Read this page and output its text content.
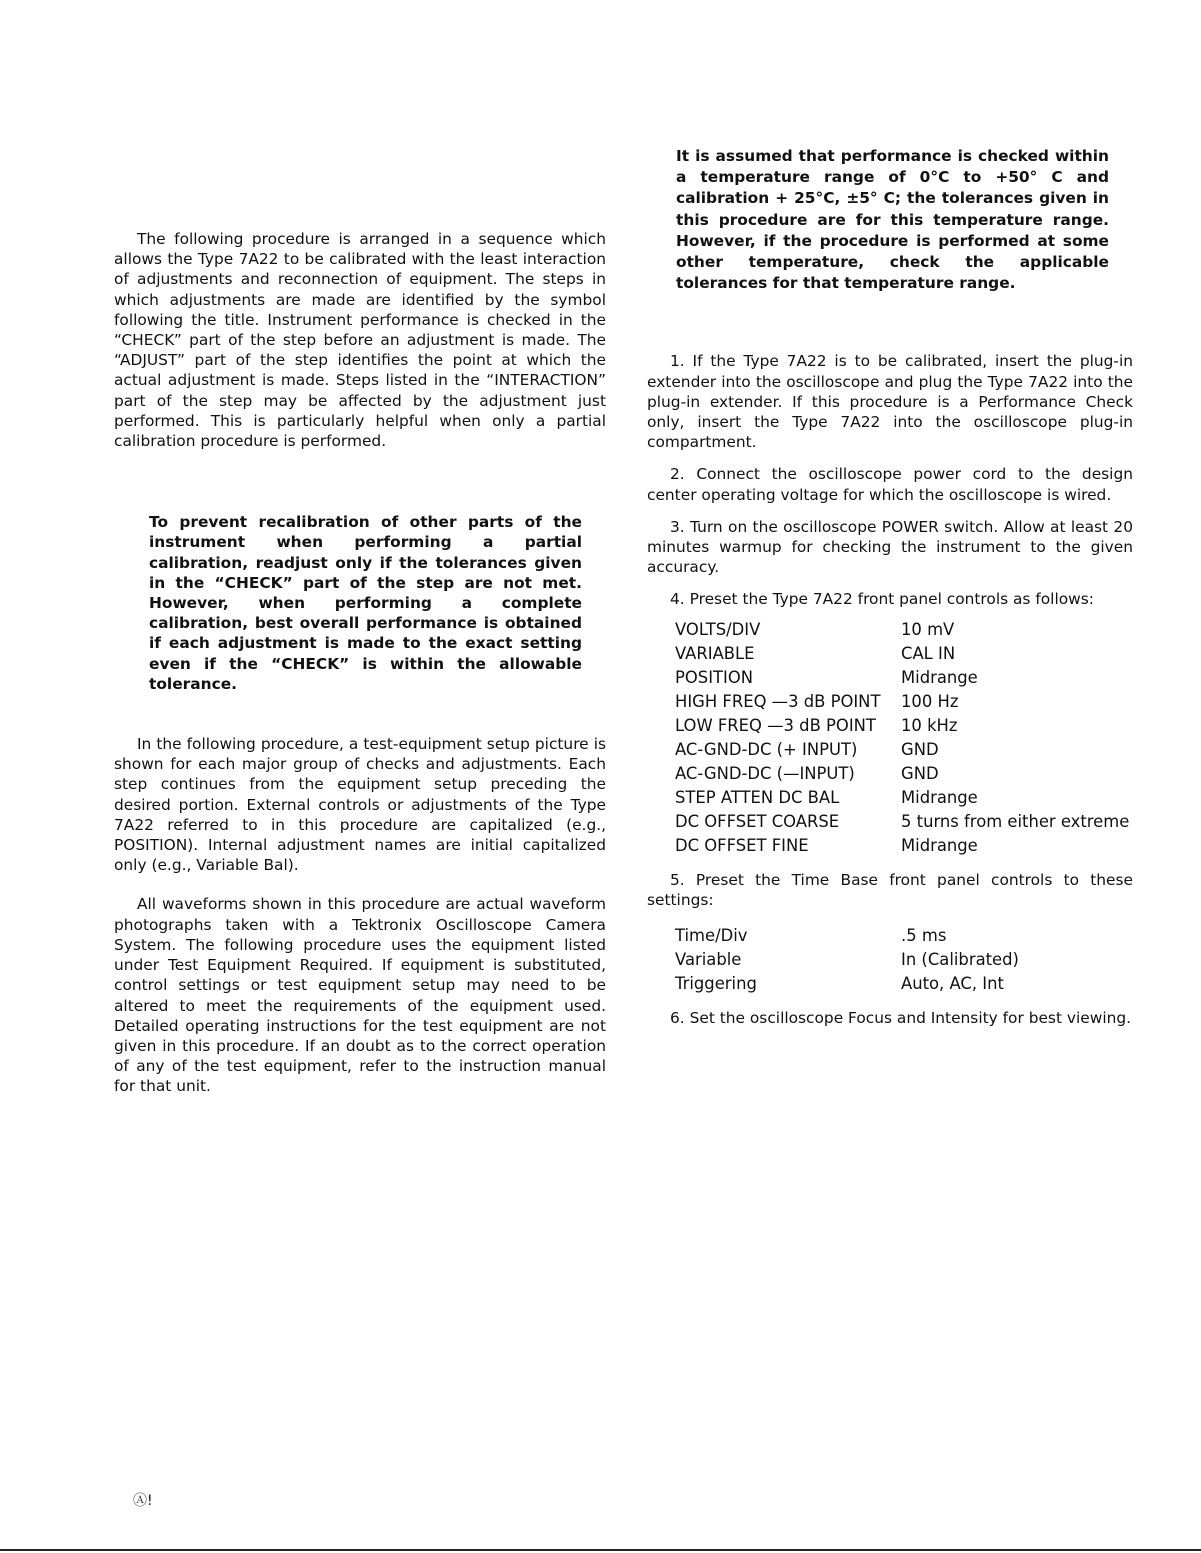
The following procedure is arranged in a sequence which allows the Type 7A22 to be calibrated with the least interaction of adjustments and reconnection of equipment. The steps in which adjustments are made are identified by the symbol following the title. Instrument performance is checked in the “CHECK” part of the step before an adjustment is made. The “ADJUST” part of the step identifies the point at which the actual adjustment is made. Steps listed in the “INTERACTION” part of the step may be affected by the adjustment just performed. This is particularly helpful when only a partial calibration procedure is performed.

To prevent recalibration of other parts of the instrument when performing a partial calibration, readjust only if the tolerances given in the “CHECK” part of the step are not met. However, when performing a complete calibration, best overall performance is obtained if each adjustment is made to the exact setting even if the “CHECK” is within the allowable tolerance.

In the following procedure, a test-equipment setup picture is shown for each major group of checks and adjustments. Each step continues from the equipment setup preceding the desired portion. External controls or adjustments of the Type 7A22 referred to in this procedure are capitalized (e.g., POSITION). Internal adjustment names are initial capitalized only (e.g., Variable Bal).

All waveforms shown in this procedure are actual waveform photographs taken with a Tektronix Oscilloscope Camera System. The following procedure uses the equipment listed under Test Equipment Required. If equipment is substituted, control settings or test equipment setup may need to be altered to meet the requirements of the equipment used. Detailed operating instructions for the test equipment are not given in this procedure. If an doubt as to the correct operation of any of the test equipment, refer to the instruction manual for that unit.

It is assumed that performance is checked within a temperature range of 0°C to +50° C and calibration + 25°C, ±5° C; the tolerances given in this procedure are for this temperature range. However, if the procedure is performed at some other temperature, check the applicable tolerances for that temperature range.

1. If the Type 7A22 is to be calibrated, insert the plug-in extender into the oscilloscope and plug the Type 7A22 into the plug-in extender. If this procedure is a Performance Check only, insert the Type 7A22 into the oscilloscope plug-in compartment.

2. Connect the oscilloscope power cord to the design center operating voltage for which the oscilloscope is wired.

3. Turn on the oscilloscope POWER switch. Allow at least 20 minutes warmup for checking the instrument to the given accuracy.

4. Preset the Type 7A22 front panel controls as follows:

VOLTS/DIV	10 mV
VARIABLE	CAL IN
POSITION	Midrange
HIGH FREQ —3 dB POINT	100 Hz
LOW FREQ —3 dB POINT	10 kHz
AC-GND-DC (+ INPUT)	GND
AC-GND-DC (—INPUT)	GND
STEP ATTEN DC BAL	Midrange
DC OFFSET COARSE	5 turns from either extreme
DC OFFSET FINE	Midrange

5. Preset the Time Base front panel controls to these settings:

Time/Div	.5 ms
Variable	In (Calibrated)
Triggering	Auto, AC, Int

6. Set the oscilloscope Focus and Intensity for best viewing.

Ⓐ!
